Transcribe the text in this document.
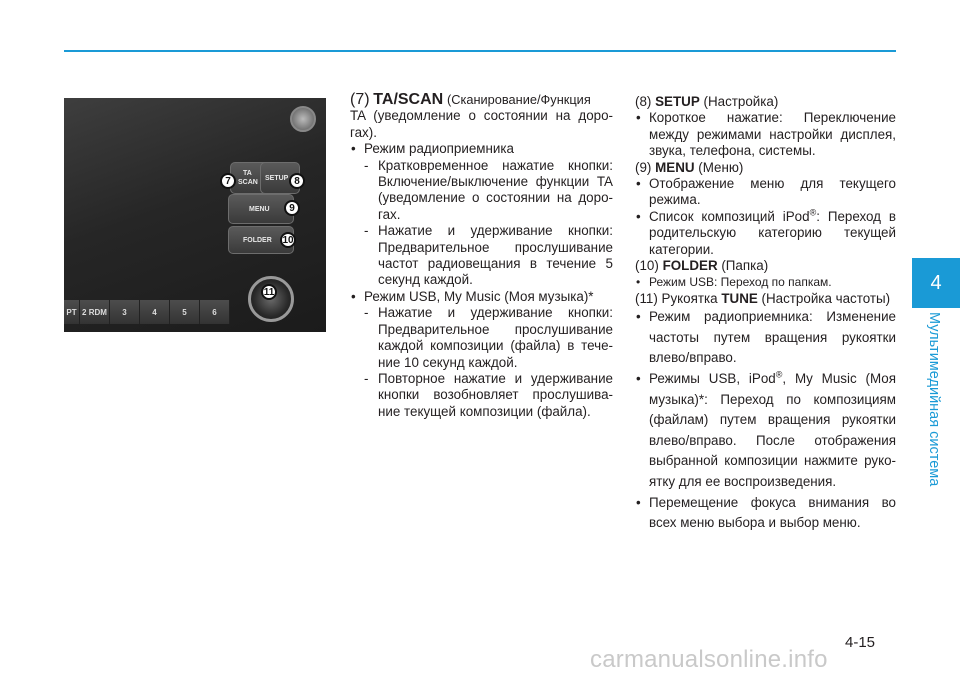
4
Мультимедийная система
TA
SCAN
SETUP
MENU
FOLDER
PT 2 RDM	3	4	5	6
7	8
9
10
11

(7) TA/SCAN (Сканирование/Функция

TA (уведомление о состоянии на доро-гах).

• Режим радиоприемника

- Кратковременное нажатие кнопки: Включение/выключение функции TA (уведомление о состоянии на доро-гах.

- Нажатие и удерживание кнопки: Предварительное прослушивание частот радиовещания в течение 5 секунд каждой.

• Режим USB, My Music (Моя музыка)*

- Нажатие и удерживание кнопки: Предварительное прослушивание каждой композиции (файла) в тече-ние 10 секунд каждой.

- Повторное нажатие и удерживание кнопки возобновляет прослушива-ние текущей композиции (файла).

(8) SETUP (Настройка)

• Короткое нажатие: Переключение между режимами настройки дисплея, звука, телефона, системы.

(9) MENU (Меню)

• Отображение меню для текущего режима.

• Список композиций iPod®: Переход в родительскую категорию текущей категории.

(10) FOLDER (Папка)

• Режим USB: Переход по папкам.

(11) Рукоятка TUNE (Настройка частоты)

• Режим радиоприемника: Изменение частоты путем вращения рукоятки влево/вправо.

• Режимы USB, iPod®, My Music (Моя музыка)*: Переход по композициям (файлам) путем вращения рукоятки влево/вправо. После отображения выбранной композиции нажмите руко-ятку для ее воспроизведения.

• Перемещение фокуса внимания во всех меню выбора и выбор меню.

4-15
carmanualsonline.info
